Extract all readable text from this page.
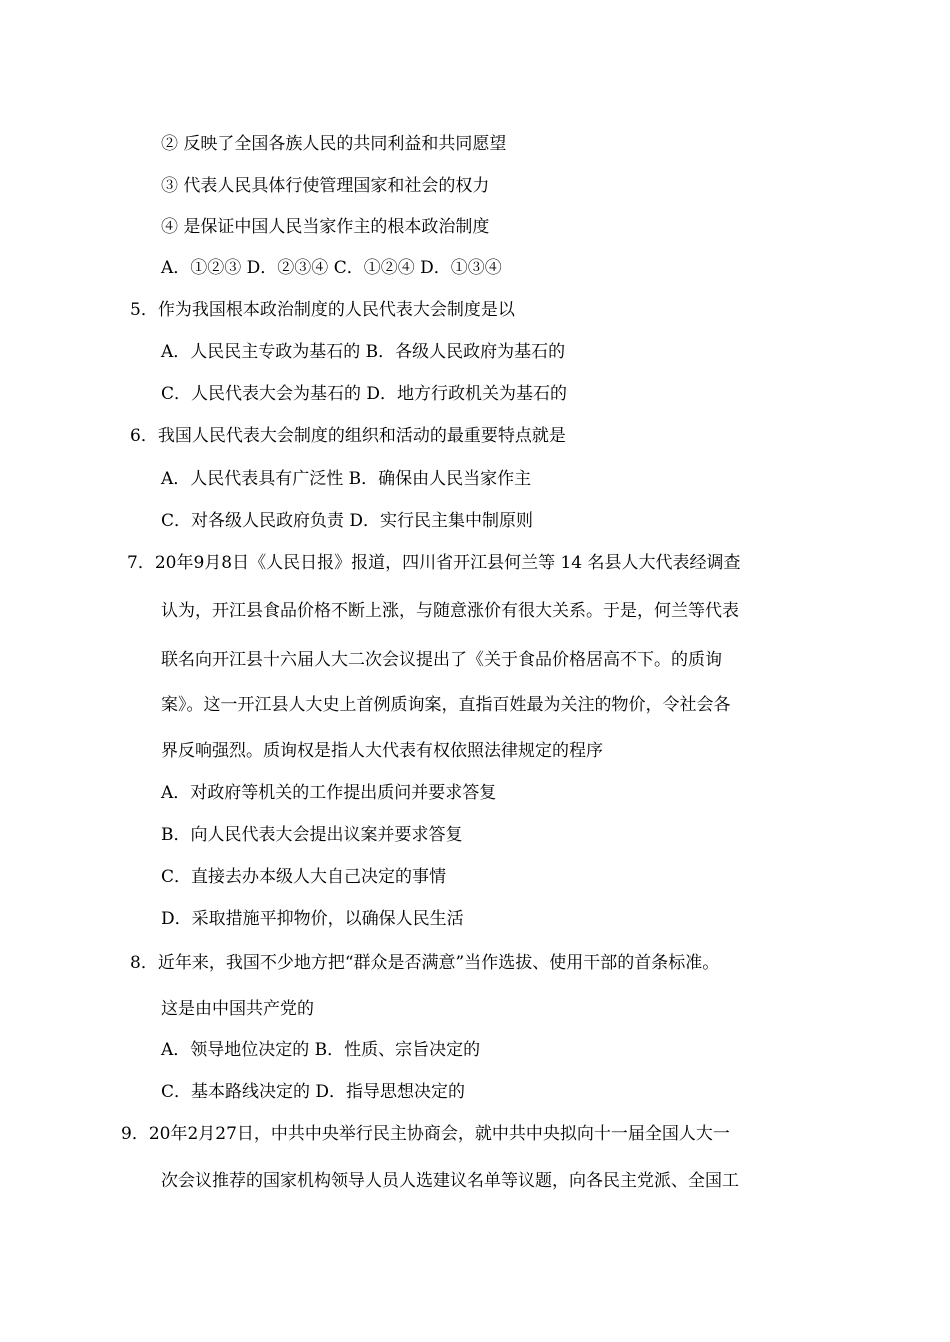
② 反映了全国各族人民的共同利益和共同愿望
③ 代表人民具体行使管理国家和社会的权力
④ 是保证中国人民当家作主的根本政治制度
A．①②③ D．②③④ C．①②④ D．①③④
5．作为我国根本政治制度的人民代表大会制度是以
A．人民民主专政为基石的 B．各级人民政府为基石的
C．人民代表大会为基石的 D．地方行政机关为基石的
6．我国人民代表大会制度的组织和活动的最重要特点就是
A．人民代表具有广泛性 B．确保由人民当家作主
C．对各级人民政府负责 D．实行民主集中制原则
7．20年9月8日《人民日报》报道，四川省开江县何兰等 14 名县人大代表经调查
认为，开江县食品价格不断上涨，与随意涨价有很大关系。于是，何兰等代表
联名向开江县十六届人大二次会议提出了《关于食品价格居高不下。的质询
案》。这一开江县人大史上首例质询案，直指百姓最为关注的物价，令社会各
界反响强烈。质询权是指人大代表有权依照法律规定的程序
A．对政府等机关的工作提出质问并要求答复
B．向人民代表大会提出议案并要求答复
C．直接去办本级人大自己决定的事情
D．采取措施平抑物价，以确保人民生活
8．近年来，我国不少地方把“群众是否满意”当作选拔、使用干部的首条标准。
这是由中国共产党的
A．领导地位决定的 B．性质、宗旨决定的
C．基本路线决定的 D．指导思想决定的
9．20年2月27日，中共中央举行民主协商会，就中共中央拟向十一届全国人大一
次会议推荐的国家机构领导人员人选建议名单等议题，向各民主党派、全国工
